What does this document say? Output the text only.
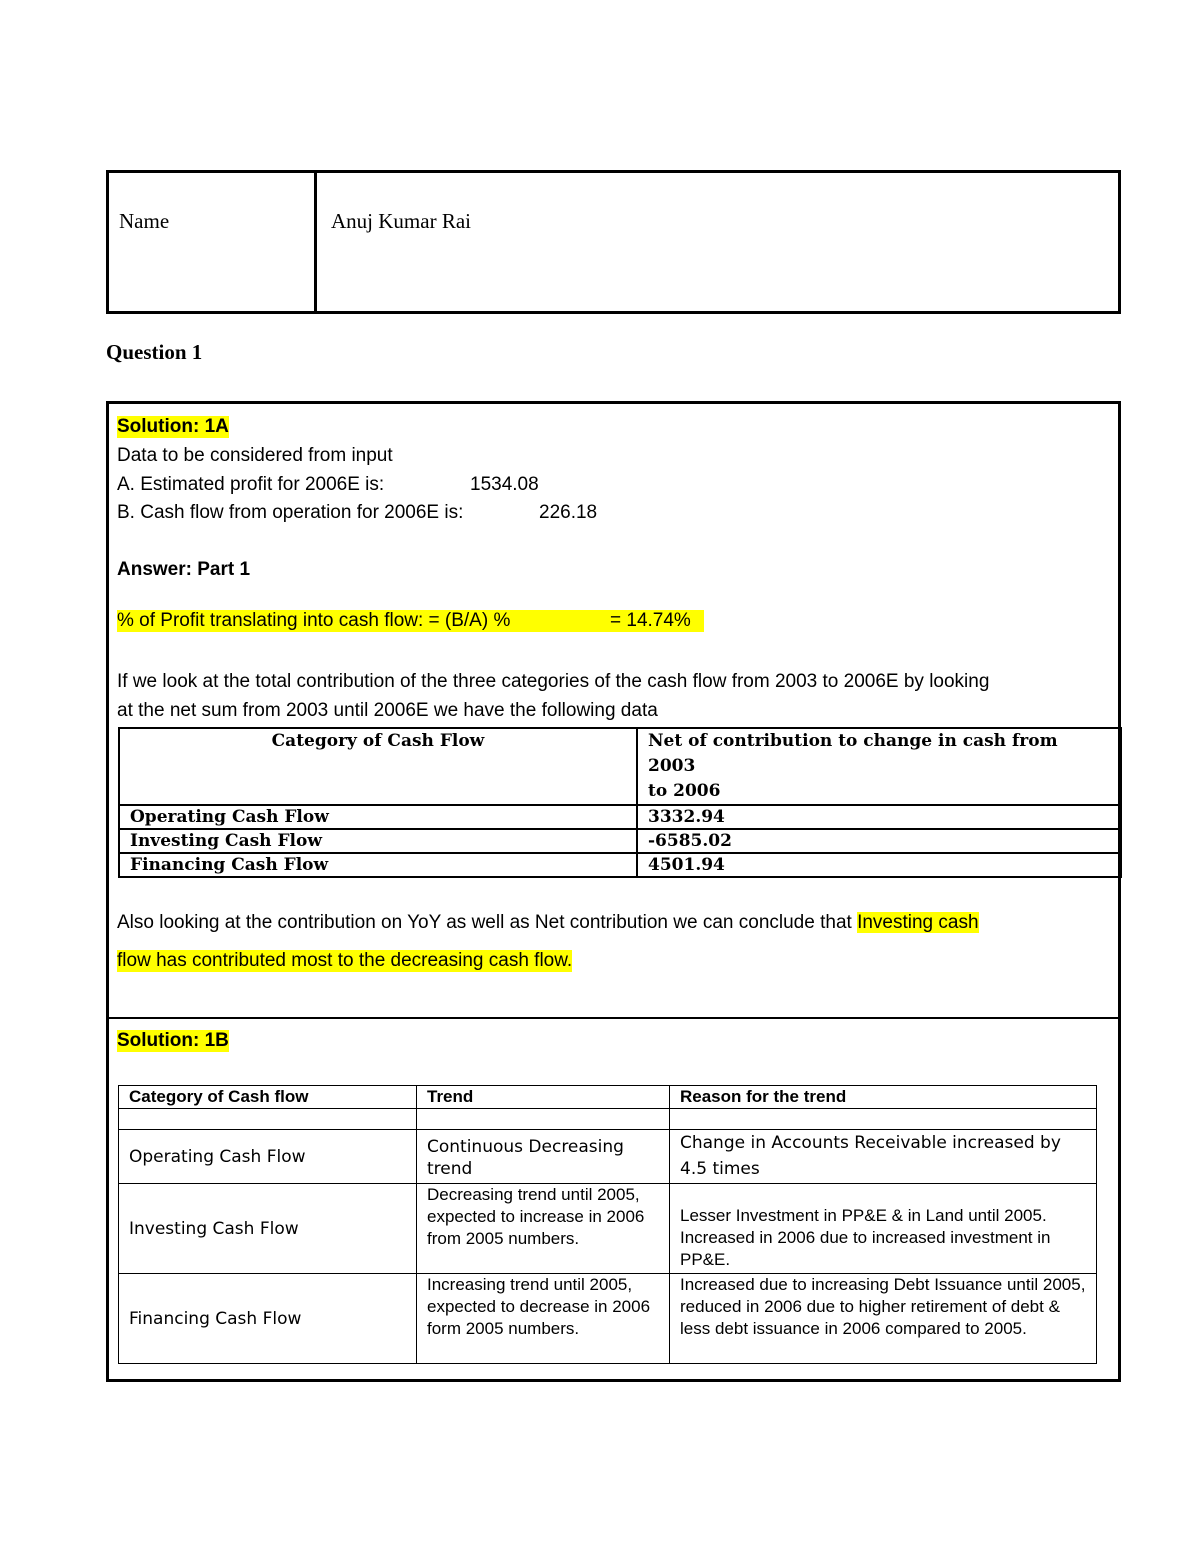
Name	Anuj Kumar Rai
Question 1
Solution: 1A
Data to be considered from input
A. Estimated profit for 2006E is:	1534.08
B. Cash flow from operation for 2006E is:	226.18
Answer: Part 1
% of Profit translating into cash flow: = (B/A) %	= 14.74%
If we look at the total contribution of the three categories of the cash flow from 2003 to 2006E by looking
at the net sum from 2003 until 2006E we have the following data
Category of Cash Flow	Net of contribution to change in cash from 2003
to 2006
Operating Cash Flow	3332.94
Investing Cash Flow	-6585.02
Financing Cash Flow	4501.94
Also looking at the contribution on YoY as well as Net contribution we can conclude that Investing cash
flow has contributed most to the decreasing cash flow.
Solution: 1B
Category of Cash flow	Trend	Reason for the trend

Operating Cash Flow	Continuous Decreasing trend	Change in Accounts Receivable increased by 4.5 times
Investing Cash Flow	Decreasing trend until 2005, expected to increase in 2006 from 2005 numbers.	Lesser Investment in PP&E & in Land until 2005. Increased in 2006 due to increased investment in PP&E.
Financing Cash Flow	Increasing trend until 2005, expected to decrease in 2006 form 2005 numbers.	Increased due to increasing Debt Issuance until 2005, reduced in 2006 due to higher retirement of debt & less debt issuance in 2006 compared to 2005.
